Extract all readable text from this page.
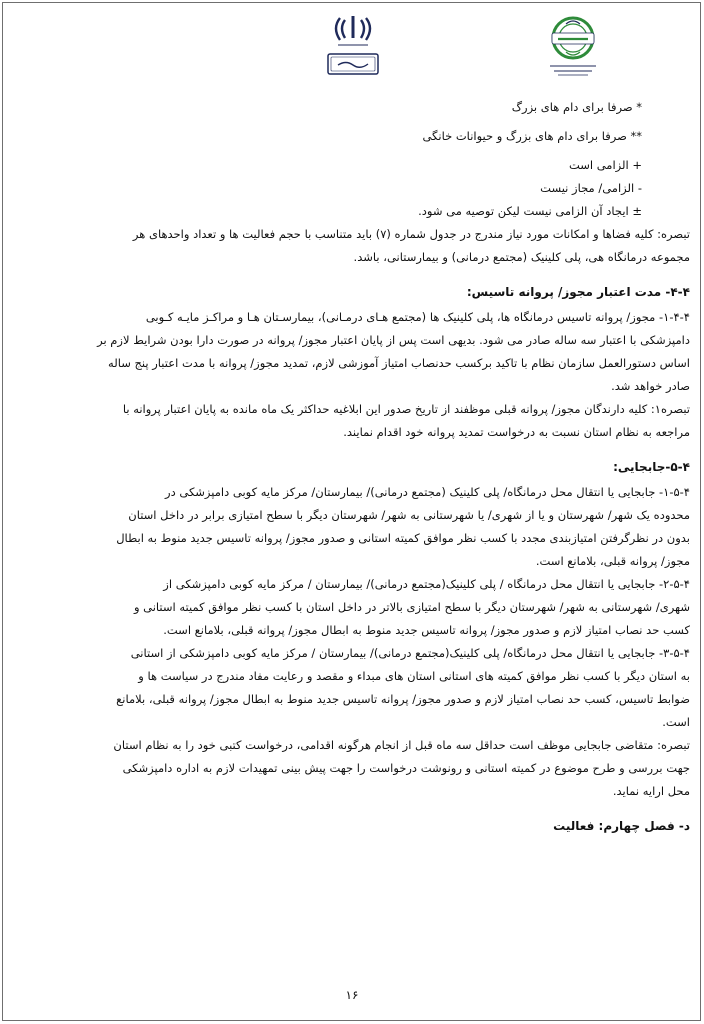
* صرفا برای دام های بزرگ
** صرفا برای دام های بزرگ و حیوانات خانگی
+ الزامی است
- الزامی/ مجاز نیست
± ایجاد آن الزامی نیست لیکن توصیه می شود.
تبصره: کلیه فضاها و امکانات مورد نیاز مندرج در جدول شماره (۷) باید متناسب با حجم فعالیت ها و تعداد واحدهای هر
مجموعه درمانگاه هی، پلی کلینیک (مجتمع درمانی) و بیمارستانی، باشد.
۴-۴- مدت اعتبار مجوز/ پروانه تاسیس:
۱-۴-۴- مجوز/ پروانه تاسیس درمانگاه ها، پلی کلینیک ها (مجتمع هـای درمـانی)، بیمارسـتان هـا و مراکـز مایـه کـوبی
دامپزشکی با اعتبار سه ساله صادر می شود. بدیهی است پس از پایان اعتبار مجوز/ پروانه در صورت دارا بودن شرایط لازم بر
اساس دستورالعمل سازمان نظام با تاکید برکسب حدنصاب امتیاز آموزشی لازم، تمدید مجوز/ پروانه با مدت اعتبار پنج ساله
صادر خواهد شد.
تبصره۱: کلیه دارندگان مجوز/ پروانه قبلی موظفند از تاریخ صدور این ابلاغیه حداکثر یک ماه مانده به پایان اعتبار پروانه با
مراجعه به نظام استان نسبت به درخواست تمدید پروانه خود اقدام نمایند.
۵-۴-جابجایی:
۱-۵-۴- جابجایی یا انتقال محل درمانگاه/ پلی کلینیک (مجتمع درمانی)/ بیمارستان/ مرکز مایه کوبی دامپزشکی در
محدوده یک شهر/ شهرستان و یا از شهری/ یا شهرستانی به شهر/ شهرستان دیگر با سطح امتیازی برابر در داخل استان
بدون در نظرگرفتن امتیازبندی مجدد با کسب نظر موافق کمیته استانی و صدور مجوز/ پروانه تاسیس جدید منوط به ابطال
مجوز/ پروانه قبلی، بلامانع است.
۲-۵-۴- جابجایی یا انتقال محل درمانگاه / پلی کلینیک(مجتمع درمانی)/ بیمارستان / مرکز مایه کوبی دامپزشکی از
شهری/ شهرستانی به شهر/ شهرستان دیگر با سطح امتیازی بالاتر در داخل استان با کسب نظر موافق کمیته استانی و
کسب حد نصاب امتیاز لازم و صدور مجوز/ پروانه تاسیس جدید منوط به ابطال مجوز/ پروانه قبلی، بلامانع است.
۳-۵-۴- جابجایی یا انتقال محل درمانگاه/ پلی کلینیک(مجتمع درمانی)/ بیمارستان / مرکز مایه کوبی دامپزشکی از استانی
به استان دیگر با کسب نظر موافق کمیته های استانی استان های مبداء و مقصد و رعایت مفاد مندرج در سیاست ها و
ضوابط تاسیس، کسب حد نصاب امتیاز لازم و صدور مجوز/ پروانه تاسیس جدید منوط به ابطال مجوز/ پروانه قبلی، بلامانع
است.
تبصره: متقاضی جابجایی موظف است حداقل سه ماه قبل از انجام هرگونه اقدامی، درخواست کتبی خود را به نظام استان
جهت بررسی و طرح موضوع در کمیته استانی و رونوشت درخواست را جهت پیش بینی تمهیدات لازم به اداره دامپزشکی
محل ارایه نماید.
د- فصل چهارم: فعالیت
۱۶
